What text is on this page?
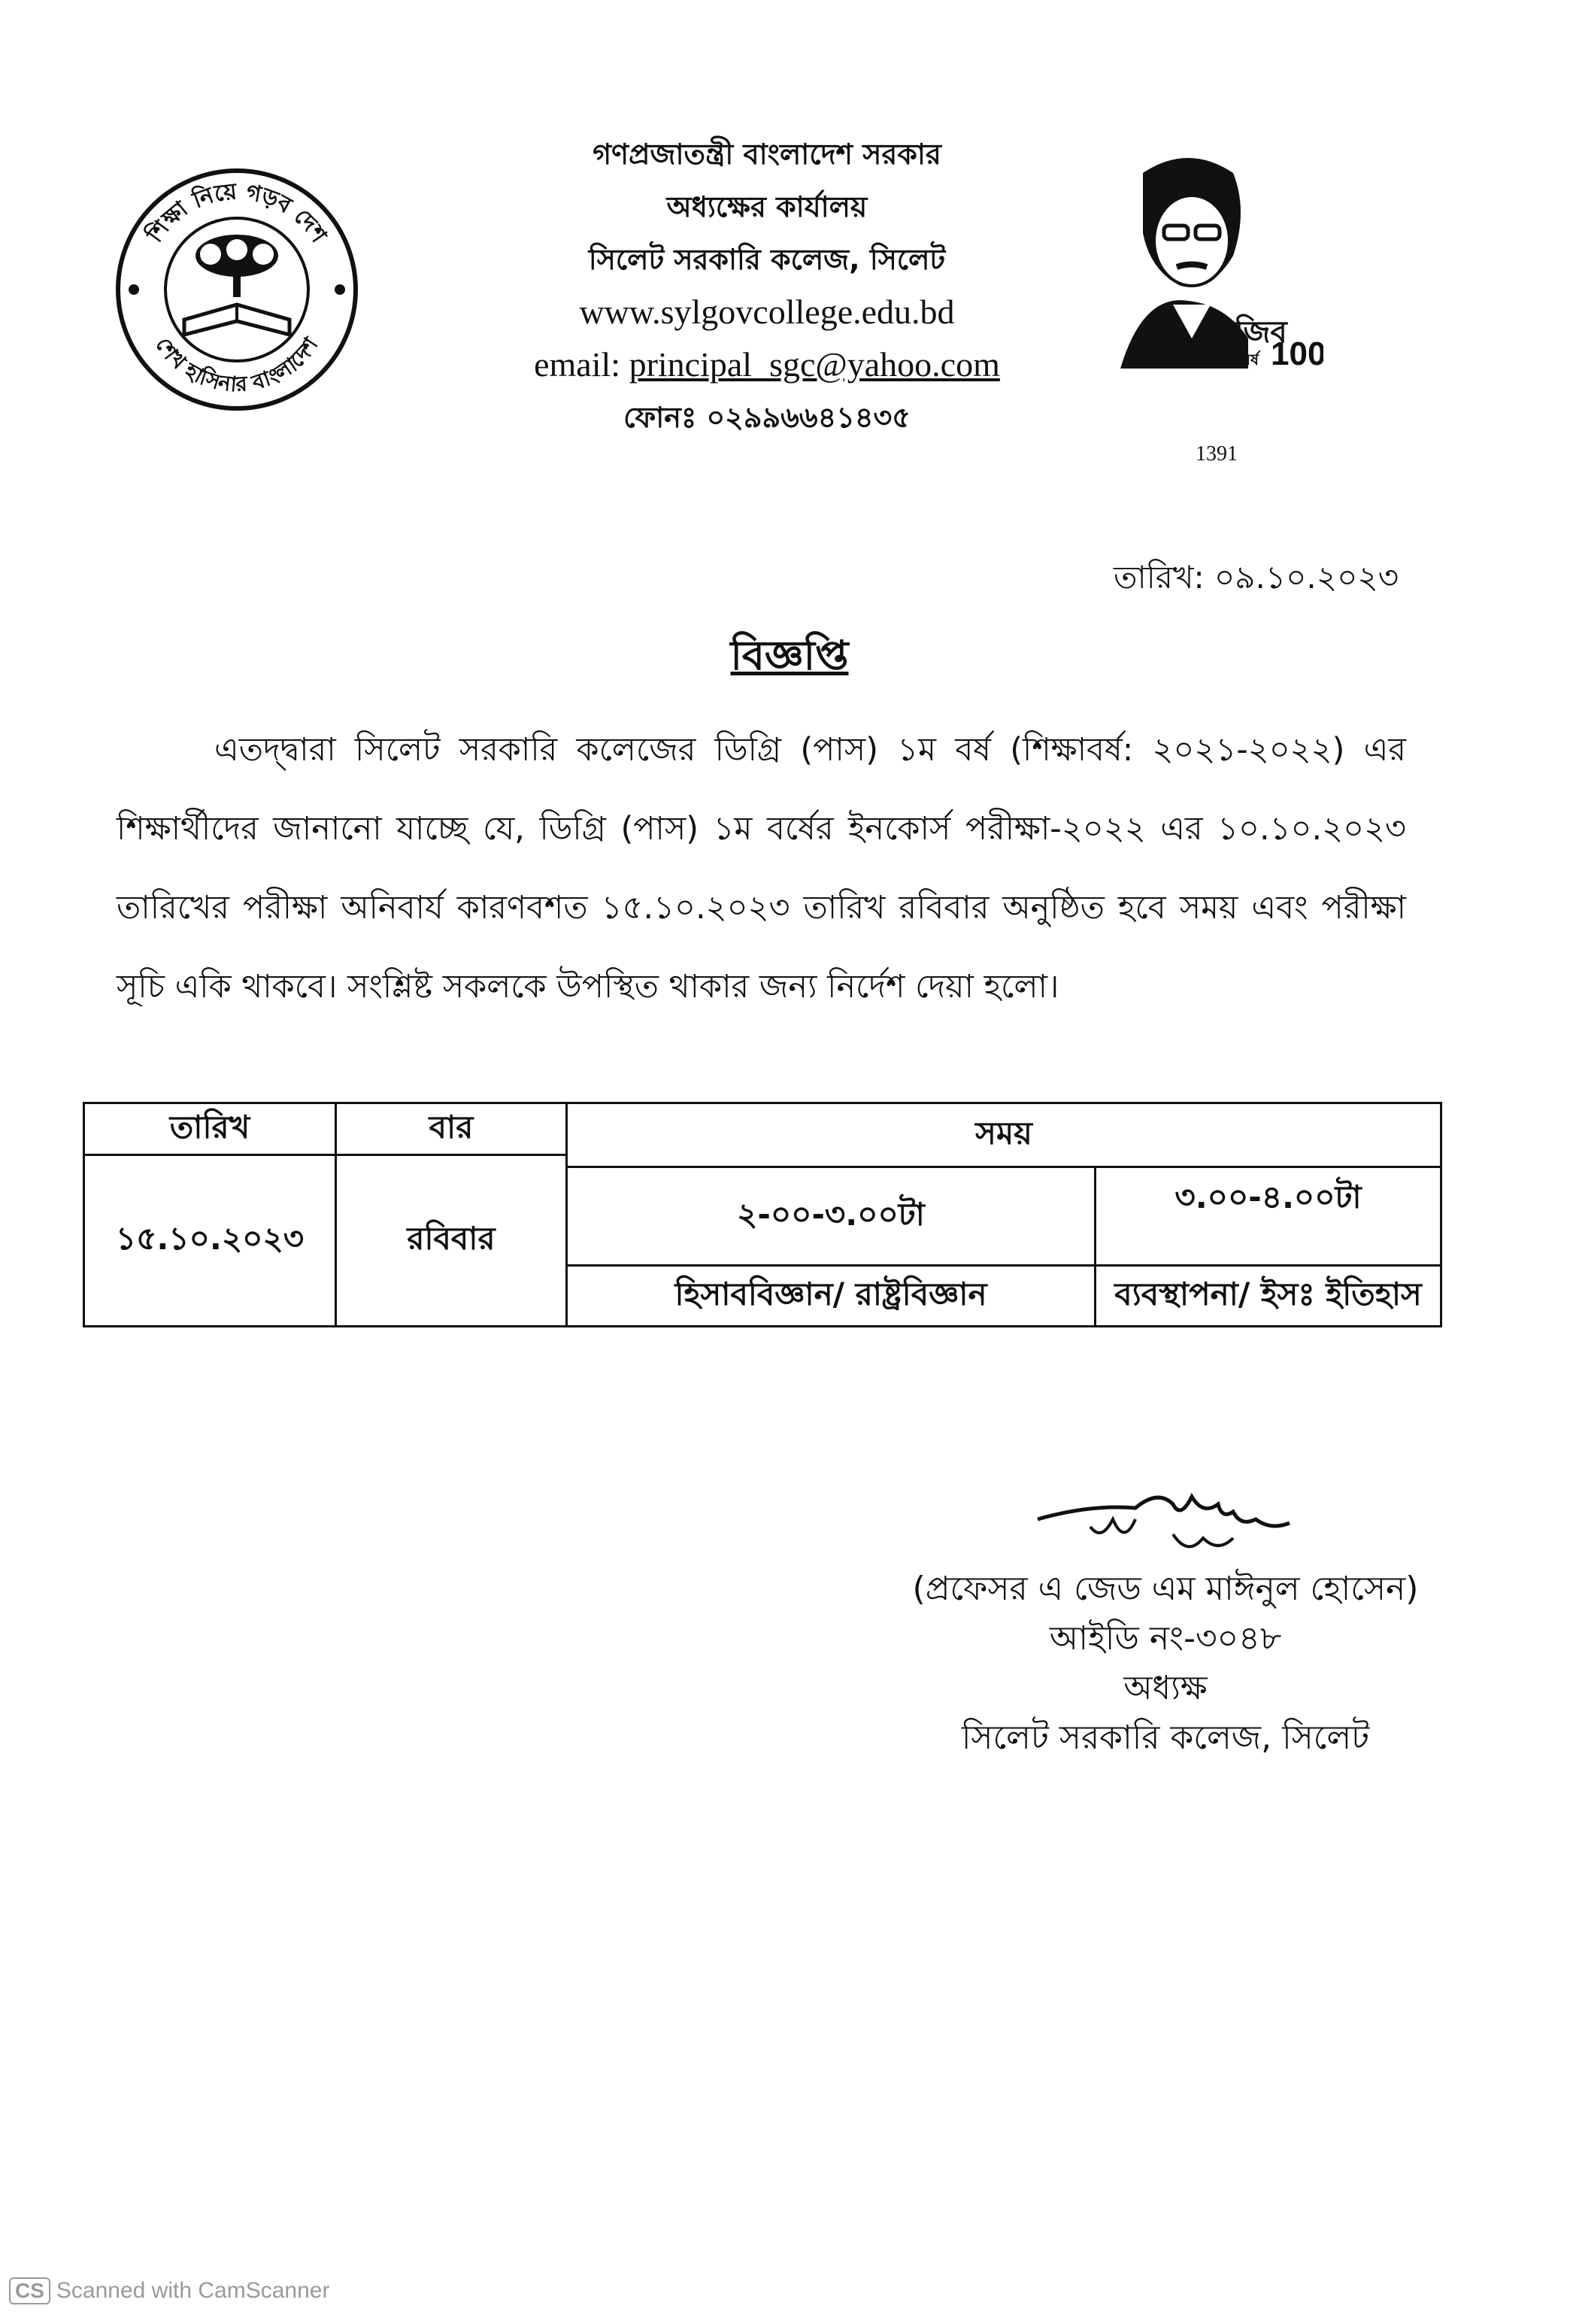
শিক্ষা নিয়ে গড়ব দেশ
শেখ হাসিনার বাংলাদেশ
গণপ্রজাতন্ত্রী বাংলাদেশ সরকার
অধ্যক্ষের কার্যালয়
সিলেট সরকারি কলেজ, সিলেট
www.sylgovcollege.edu.bd
email: principal_sgc@yahoo.com
ফোনঃ ০২৯৯৬৬৪১৪৩৫
মুজিব
শতবর্ষ 100
1391
তারিখ: ০৯.১০.২০২৩
বিজ্ঞপ্তি
এতদ্দ্বারা সিলেট সরকারি কলেজের ডিগ্রি (পাস) ১ম বর্ষ (শিক্ষাবর্ষ: ২০২১-২০২২) এর শিক্ষার্থীদের জানানো যাচ্ছে যে, ডিগ্রি (পাস) ১ম বর্ষের ইনকোর্স পরীক্ষা-২০২২ এর ১০.১০.২০২৩ তারিখের পরীক্ষা অনিবার্য কারণবশত ১৫.১০.২০২৩ তারিখ রবিবার অনুষ্ঠিত হবে সময় এবং পরীক্ষা সূচি একি থাকবে। সংশ্লিষ্ট সকলকে উপস্থিত থাকার জন্য নির্দেশ দেয়া হলো।
তারিখ	বার	সময়
১৫.১০.২০২৩	রবিবার
২-০০-৩.০০টা	৩.০০-৪.০০টা
হিসাববিজ্ঞান/ রাষ্ট্রবিজ্ঞান	ব্যবস্থাপনা/ ইসঃ ইতিহাস
(প্রফেসর এ জেড এম মাঈনুল হোসেন)
আইডি নং-৩০৪৮
অধ্যক্ষ
সিলেট সরকারি কলেজ, সিলেট
CS Scanned with CamScanner
